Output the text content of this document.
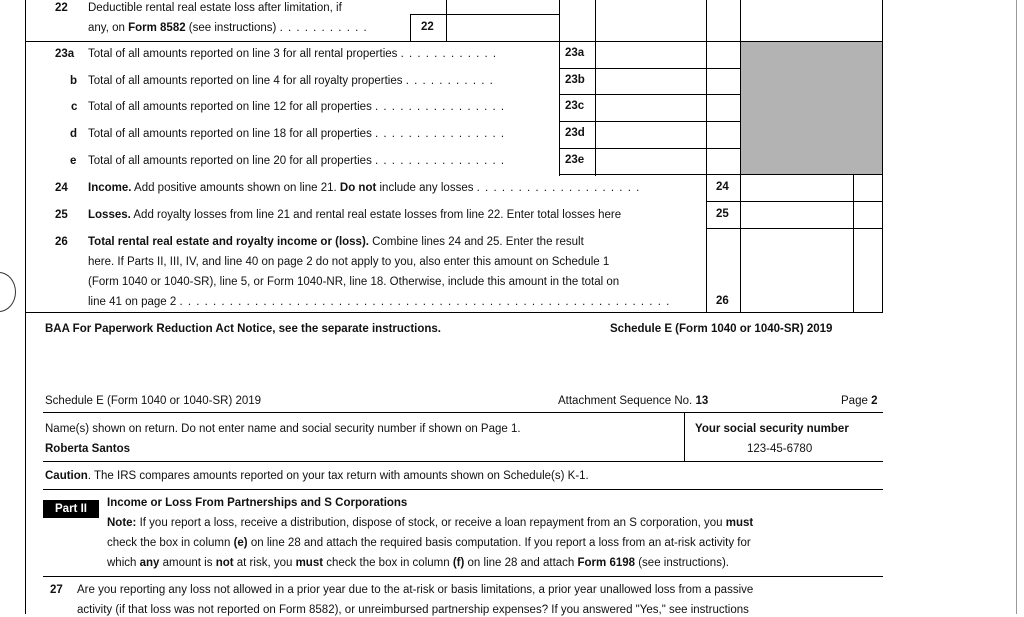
22 Deductible rental real estate loss after limitation, if
any, on Form 8582 (see instructions) . . . . . . . . . . .	22
23a Total of all amounts reported on line 3 for all rental properties . . . . . . . . . . . .	23a
b Total of all amounts reported on line 4 for all royalty properties . . . . . . . . . . .	23b
c Total of all amounts reported on line 12 for all properties . . . . . . . . . . . . . . . .	23c
d Total of all amounts reported on line 18 for all properties . . . . . . . . . . . . . . . .	23d
e Total of all amounts reported on line 20 for all properties . . . . . . . . . . . . . . . .	23e
24 Income. Add positive amounts shown on line 21. Do not include any losses . . . . . . . . . . . . . . . . . . . .	24
25 Losses. Add royalty losses from line 21 and rental real estate losses from line 22. Enter total losses here	25
26 Total rental real estate and royalty income or (loss). Combine lines 24 and 25. Enter the result
here. If Parts II, III, IV, and line 40 on page 2 do not apply to you, also enter this amount on Schedule 1
(Form 1040 or 1040-SR), line 5, or Form 1040-NR, line 18. Otherwise, include this amount in the total on
line 41 on page 2 . . . . . . . . . . . . . . . . . . . . . . . . . . . . . . . . . . . . . . . . . . . . . . . . . . . . . . . . . . .	26
BAA For Paperwork Reduction Act Notice, see the separate instructions.	Schedule E (Form 1040 or 1040-SR) 2019
Schedule E (Form 1040 or 1040-SR) 2019	Attachment Sequence No. 13	Page 2
Name(s) shown on return. Do not enter name and social security number if shown on Page 1.
Roberta Santos
Your social security number
123-45-6780
Caution. The IRS compares amounts reported on your tax return with amounts shown on Schedule(s) K-1.
Part II	Income or Loss From Partnerships and S Corporations
Note: If you report a loss, receive a distribution, dispose of stock, or receive a loan repayment from an S corporation, you must
check the box in column (e) on line 28 and attach the required basis computation. If you report a loss from an at-risk activity for
which any amount is not at risk, you must check the box in column (f) on line 28 and attach Form 6198 (see instructions).
27 Are you reporting any loss not allowed in a prior year due to the at-risk or basis limitations, a prior year unallowed loss from a passive
activity (if that loss was not reported on Form 8582), or unreimbursed partnership expenses? If you answered "Yes," see instructions
